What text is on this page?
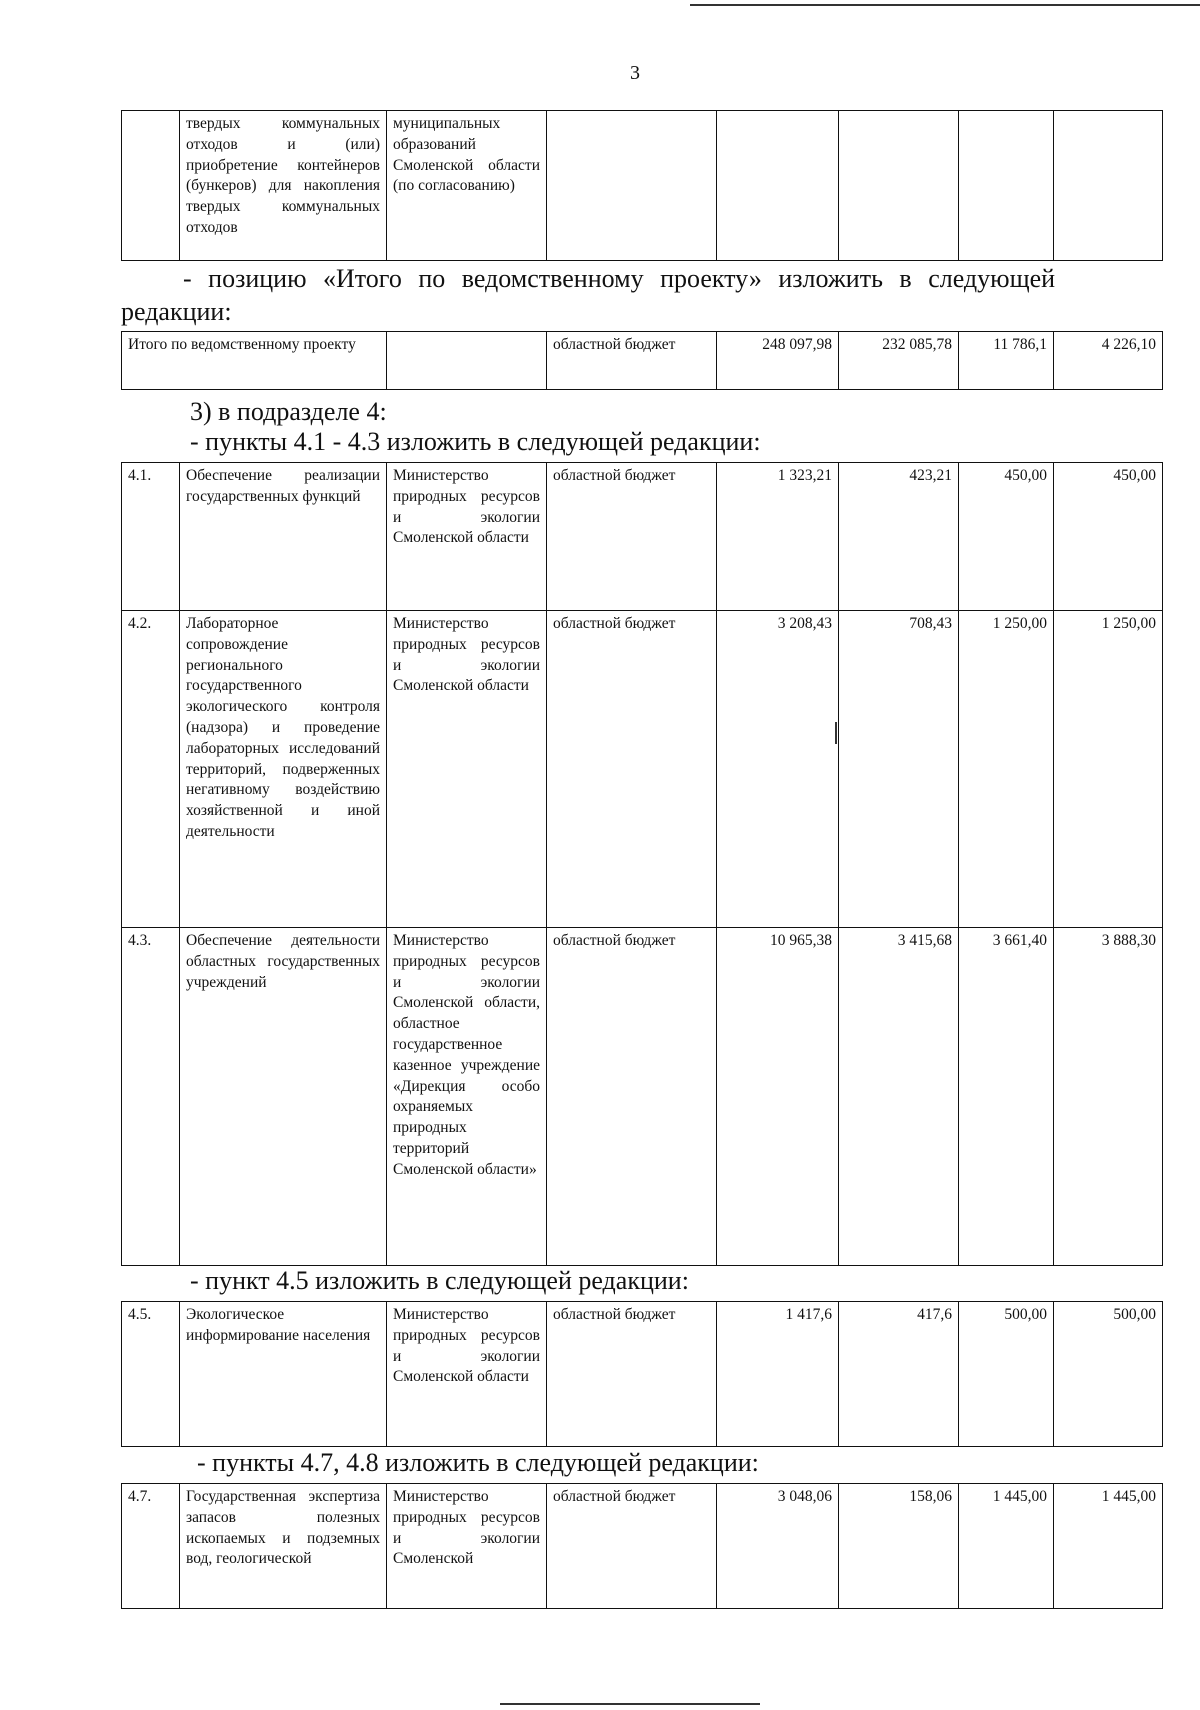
3
	твердых коммунальных отходов и (или) приобретение контейнеров (бункеров) для накопления твердых коммунальных отходов	муниципальных образований Смоленской области (по согласованию)					
- позицию «Итого по ведомственному проекту» изложить в следующей
редакции:
Итого по ведомственному проекту		областной бюджет	248 097,98	232 085,78	11 786,1	4 226,10
3) в подразделе 4:
- пункты 4.1 - 4.3 изложить в следующей редакции:
4.1.	Обеспечение реализации государственных функций	Министерство природных ресурсов и экологии Смоленской области	областной бюджет	1 323,21	423,21	450,00	450,00
4.2.	Лабораторное сопровождение регионального государственного экологического контроля (надзора) и проведение лабораторных исследований территорий, подверженных негативному воздействию хозяйственной и иной деятельности	Министерство природных ресурсов и экологии Смоленской области	областной бюджет	3 208,43	708,43	1 250,00	1 250,00
4.3.	Обеспечение деятельности областных государственных учреждений	Министерство природных ресурсов и экологии Смоленской области, областное государственное казенное учреждение «Дирекция особо охраняемых природных территорий Смоленской области»	областной бюджет	10 965,38	3 415,68	3 661,40	3 888,30
- пункт 4.5 изложить в следующей редакции:
4.5.	Экологическое информирование населения	Министерство природных ресурсов и экологии Смоленской области	областной бюджет	1 417,6	417,6	500,00	500,00
- пункты 4.7, 4.8 изложить в следующей редакции:
4.7.	Государственная экспертиза запасов полезных ископаемых и подземных вод, геологической	Министерство природных ресурсов и экологии Смоленской	областной бюджет	3 048,06	158,06	1 445,00	1 445,00
